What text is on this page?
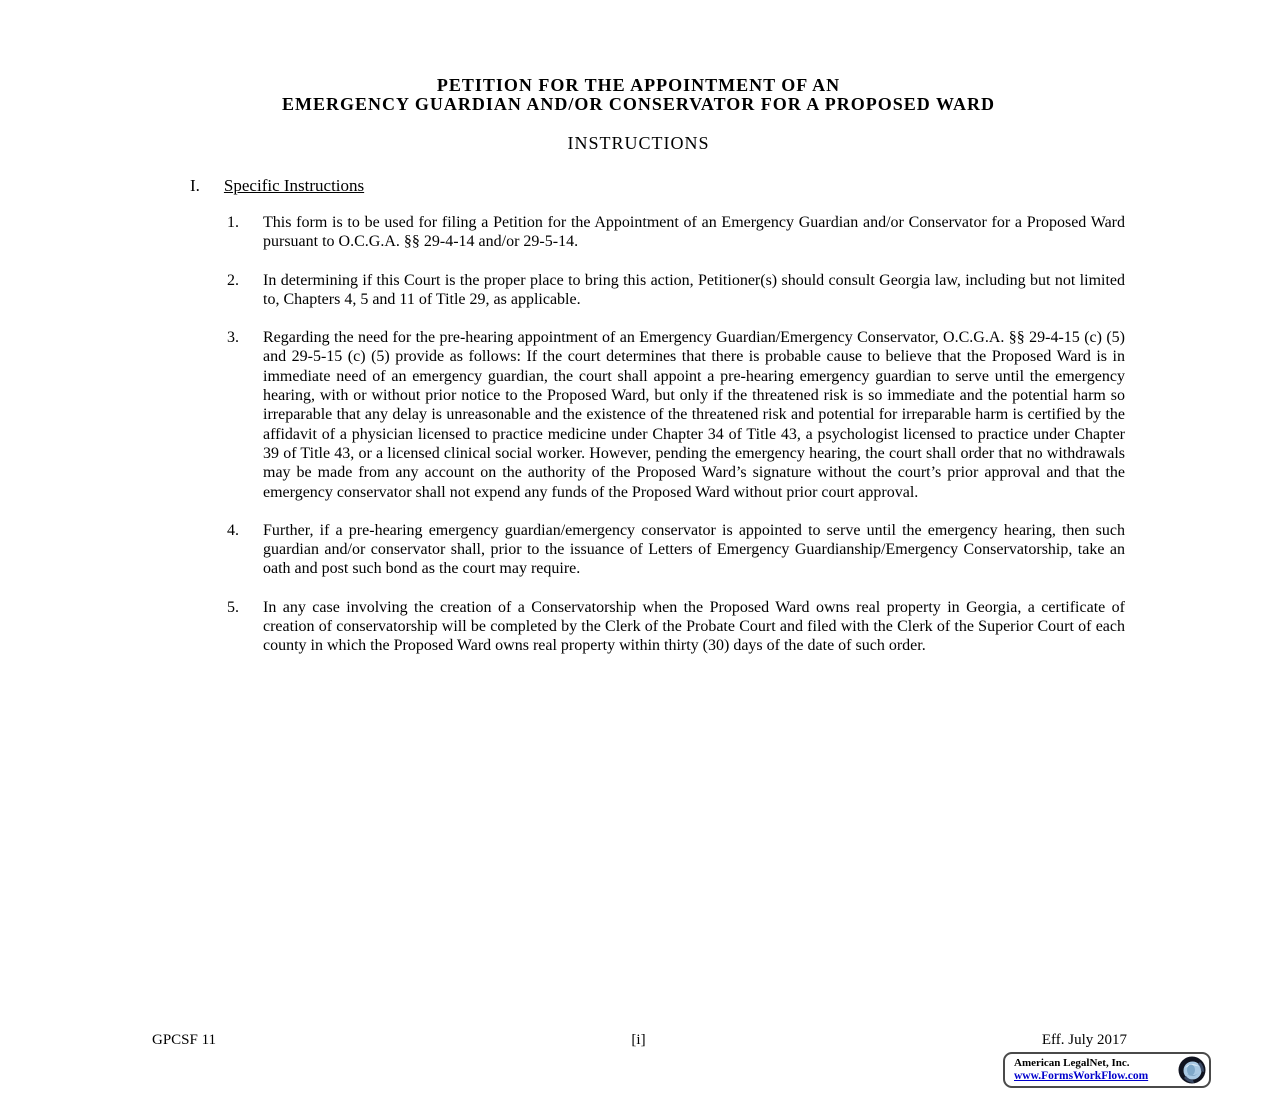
PETITION FOR THE APPOINTMENT OF AN
EMERGENCY GUARDIAN AND/OR CONSERVATOR FOR A PROPOSED WARD
INSTRUCTIONS
I. Specific Instructions
1.	This form is to be used for filing a Petition for the Appointment of an Emergency Guardian and/or Conservator for a Proposed Ward pursuant to O.C.G.A. §§ 29-4-14 and/or 29-5-14.
2.	In determining if this Court is the proper place to bring this action, Petitioner(s) should consult Georgia law, including but not limited to, Chapters 4, 5 and 11 of Title 29, as applicable.
3.	Regarding the need for the pre-hearing appointment of an Emergency Guardian/Emergency Conservator, O.C.G.A. §§ 29-4-15 (c) (5) and 29-5-15 (c) (5) provide as follows: If the court determines that there is probable cause to believe that the Proposed Ward is in immediate need of an emergency guardian, the court shall appoint a pre-hearing emergency guardian to serve until the emergency hearing, with or without prior notice to the Proposed Ward, but only if the threatened risk is so immediate and the potential harm so irreparable that any delay is unreasonable and the existence of the threatened risk and potential for irreparable harm is certified by the affidavit of a physician licensed to practice medicine under Chapter 34 of Title 43, a psychologist licensed to practice under Chapter 39 of Title 43, or a licensed clinical social worker. However, pending the emergency hearing, the court shall order that no withdrawals may be made from any account on the authority of the Proposed Ward’s signature without the court’s prior approval and that the emergency conservator shall not expend any funds of the Proposed Ward without prior court approval.
4.	Further, if a pre-hearing emergency guardian/emergency conservator is appointed to serve until the emergency hearing, then such guardian and/or conservator shall, prior to the issuance of Letters of Emergency Guardianship/Emergency Conservatorship, take an oath and post such bond as the court may require.
5.	In any case involving the creation of a Conservatorship when the Proposed Ward owns real property in Georgia, a certificate of creation of conservatorship will be completed by the Clerk of the Probate Court and filed with the Clerk of the Superior Court of each county in which the Proposed Ward owns real property within thirty (30) days of the date of such order.
GPCSF 11	[i]	Eff. July 2017
American LegalNet, Inc.
www.FormsWorkFlow.com
